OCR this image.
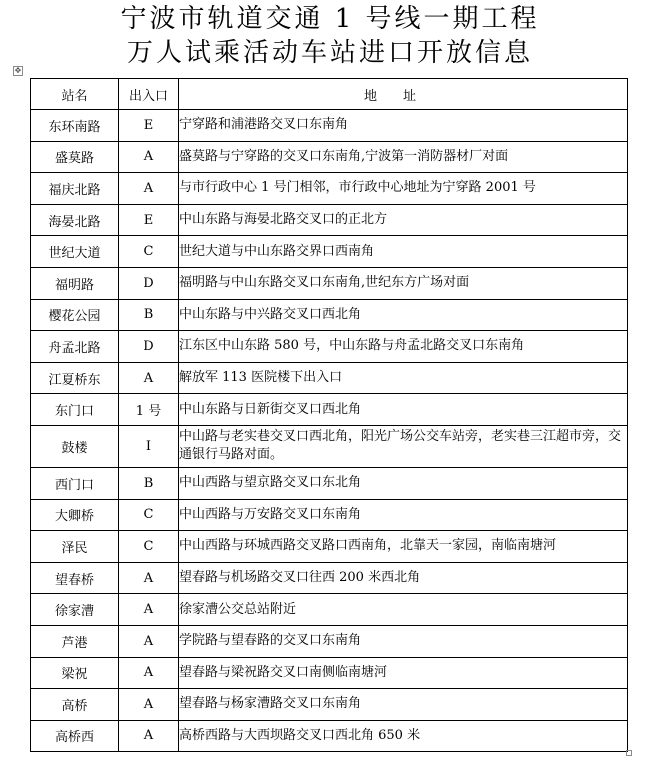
宁波市轨道交通 1 号线一期工程
万人试乘活动车站进口开放信息
✥
站名	出入口	地址
东环南路	E	宁穿路和浦港路交叉口东南角
盛莫路	A	盛莫路与宁穿路的交叉口东南角,宁波第一消防器材厂对面
福庆北路	A	与市行政中心 1 号门相邻，市行政中心地址为宁穿路 2001 号
海晏北路	E	中山东路与海晏北路交叉口的正北方
世纪大道	C	世纪大道与中山东路交界口西南角
福明路	D	福明路与中山东路交叉口东南角,世纪东方广场对面
樱花公园	B	中山东路与中兴路交叉口西北角
舟孟北路	D	江东区中山东路 580 号，中山东路与舟孟北路交叉口东南角
江夏桥东	A	解放军 113 医院楼下出入口
东门口	1 号	中山东路与日新街交叉口西北角
鼓楼	I	中山路与老实巷交叉口西北角，阳光广场公交车站旁，老实巷三江超市旁，交通银行马路对面。
西门口	B	中山西路与望京路交叉口东北角
大卿桥	C	中山西路与万安路交叉口东南角
泽民	C	中山西路与环城西路交叉路口西南角，北靠天一家园，南临南塘河
望春桥	A	望春路与机场路交叉口往西 200 米西北角
徐家漕	A	徐家漕公交总站附近
芦港	A	学院路与望春路的交叉口东南角
梁祝	A	望春路与梁祝路交叉口南侧临南塘河
高桥	A	望春路与杨家漕路交叉口东南角
高桥西	A	高桥西路与大西坝路交叉口西北角 650 米
